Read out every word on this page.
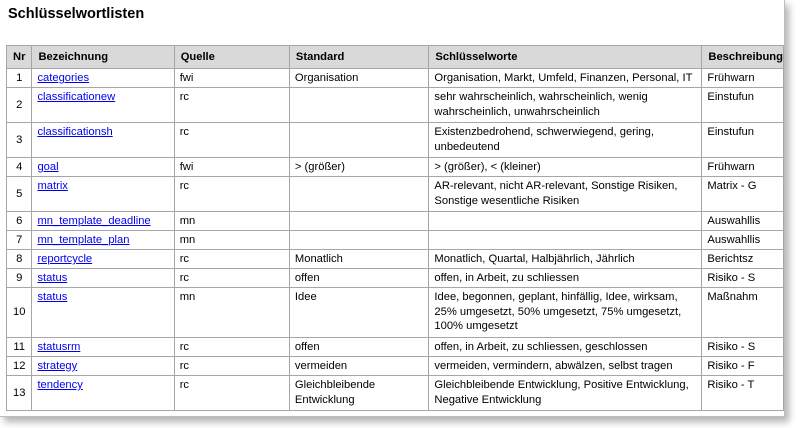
Schlüsselwortlisten
Nr	Bezeichnung	Quelle	Standard	Schlüsselworte	Beschreibung
1	categories	fwi	Organisation	Organisation, Markt, Umfeld, Finanzen, Personal, IT	Frühwarn
2	classificationew	rc		sehr wahrscheinlich, wahrscheinlich, wenig wahrscheinlich, unwahrscheinlich	Einstufun
3	classificationsh	rc		Existenzbedrohend, schwerwiegend, gering, unbedeutend	Einstufun
4	goal	fwi	> (größer)	> (größer), < (kleiner)	Frühwarn
5	matrix	rc		AR-relevant, nicht AR-relevant, Sonstige Risiken, Sonstige wesentliche Risiken	Matrix - G
6	mn_template_deadline	mn			Auswahllis
7	mn_template_plan	mn			Auswahllis
8	reportcycle	rc	Monatlich	Monatlich, Quartal, Halbjährlich, Jährlich	Berichtsz
9	status	rc	offen	offen, in Arbeit, zu schliessen	Risiko - S
10	status	mn	Idee	Idee, begonnen, geplant, hinfällig, Idee, wirksam, 25% umgesetzt, 50% umgesetzt, 75% umgesetzt, 100% umgesetzt	Maßnahm
11	statusrm	rc	offen	offen, in Arbeit, zu schliessen, geschlossen	Risiko - S
12	strategy	rc	vermeiden	vermeiden, vermindern, abwälzen, selbst tragen	Risiko - F
13	tendency	rc	Gleichbleibende Entwicklung	Gleichbleibende Entwicklung, Positive Entwicklung, Negative Entwicklung	Risiko - T
